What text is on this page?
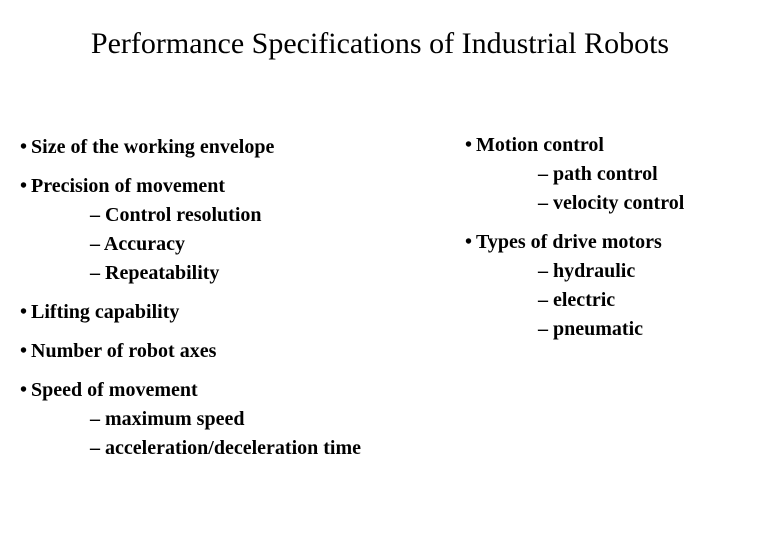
Performance Specifications of Industrial Robots
• Size of the working envelope
• Precision of movement
– Control resolution
– Accuracy
– Repeatability
• Lifting capability
• Number of robot axes
• Speed of movement
– maximum speed
– acceleration/deceleration time
• Motion control
– path control
– velocity control
• Types of drive motors
– hydraulic
– electric
– pneumatic
